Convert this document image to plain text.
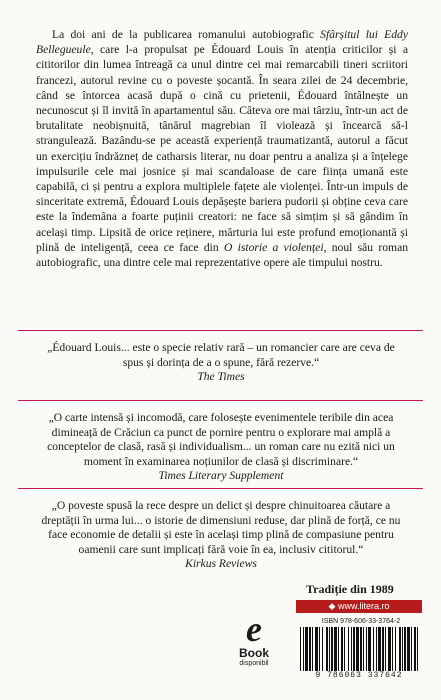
La doi ani de la publicarea romanului autobiografic Sfârșitul lui Eddy Bellegueule, care l-a propulsat pe Édouard Louis în atenția criticilor și a cititorilor din lumea întreagă ca unul dintre cei mai remarcabili tineri scriitori francezi, autorul revine cu o poveste șocantă. În seara zilei de 24 decembrie, când se întorcea acasă după o cină cu prietenii, Édouard întâlnește un necunoscut și îl invită în apartamentul său. Câteva ore mai târziu, într-un act de brutalitate neobișnuită, tânărul magrebian îl violează și încearcă să-l strangulează. Bazându-se pe această experiență traumatizantă, autorul a făcut un exercițiu îndrăzneț de catharsis literar, nu doar pentru a analiza și a înțelege impulsurile cele mai josnice și mai scandaloase de care ființa umană este capabilă, ci și pentru a explora multiplele fațete ale violenței. Într-un impuls de sinceritate extremă, Édouard Louis depășește bariera pudorii și obține ceva care este la îndemâna a foarte puținii creatori: ne face să simțim și să gândim în același timp. Lipsită de orice reținere, mărturia lui este profund emoționantă și plină de inteligență, ceea ce face din O istorie a violenței, noul său roman autobiografic, una dintre cele mai reprezentative opere ale timpului nostru.

„Édouard Louis... este o specie relativ rară – un romancier care are ceva de spus și dorința de a o spune, fără rezerve.“
The Times

„O carte intensă și incomodă, care folosește evenimentele teribile din acea dimineață de Crăciun ca punct de pornire pentru o explorare mai amplă a conceptelor de clasă, rasă și individualism... un roman care nu ezită nici un moment în examinarea noțiunilor de clasă și discriminare.“
Times Literary Supplement

„O poveste spusă la rece despre un delict și despre chinuitoarea căutare a dreptății în urma lui... o istorie de dimensiuni reduse, dar plină de forță, ce nu face economie de detalii și este în același timp plină de compasiune pentru oamenii care sunt implicați fără voie în ea, inclusiv cititorul.“
Kirkus Reviews

e
Book
disponibil
Tradiție din 1989
◆ www.litera.ro
ISBN 978-606-33-3764-2
9 786063 337642
